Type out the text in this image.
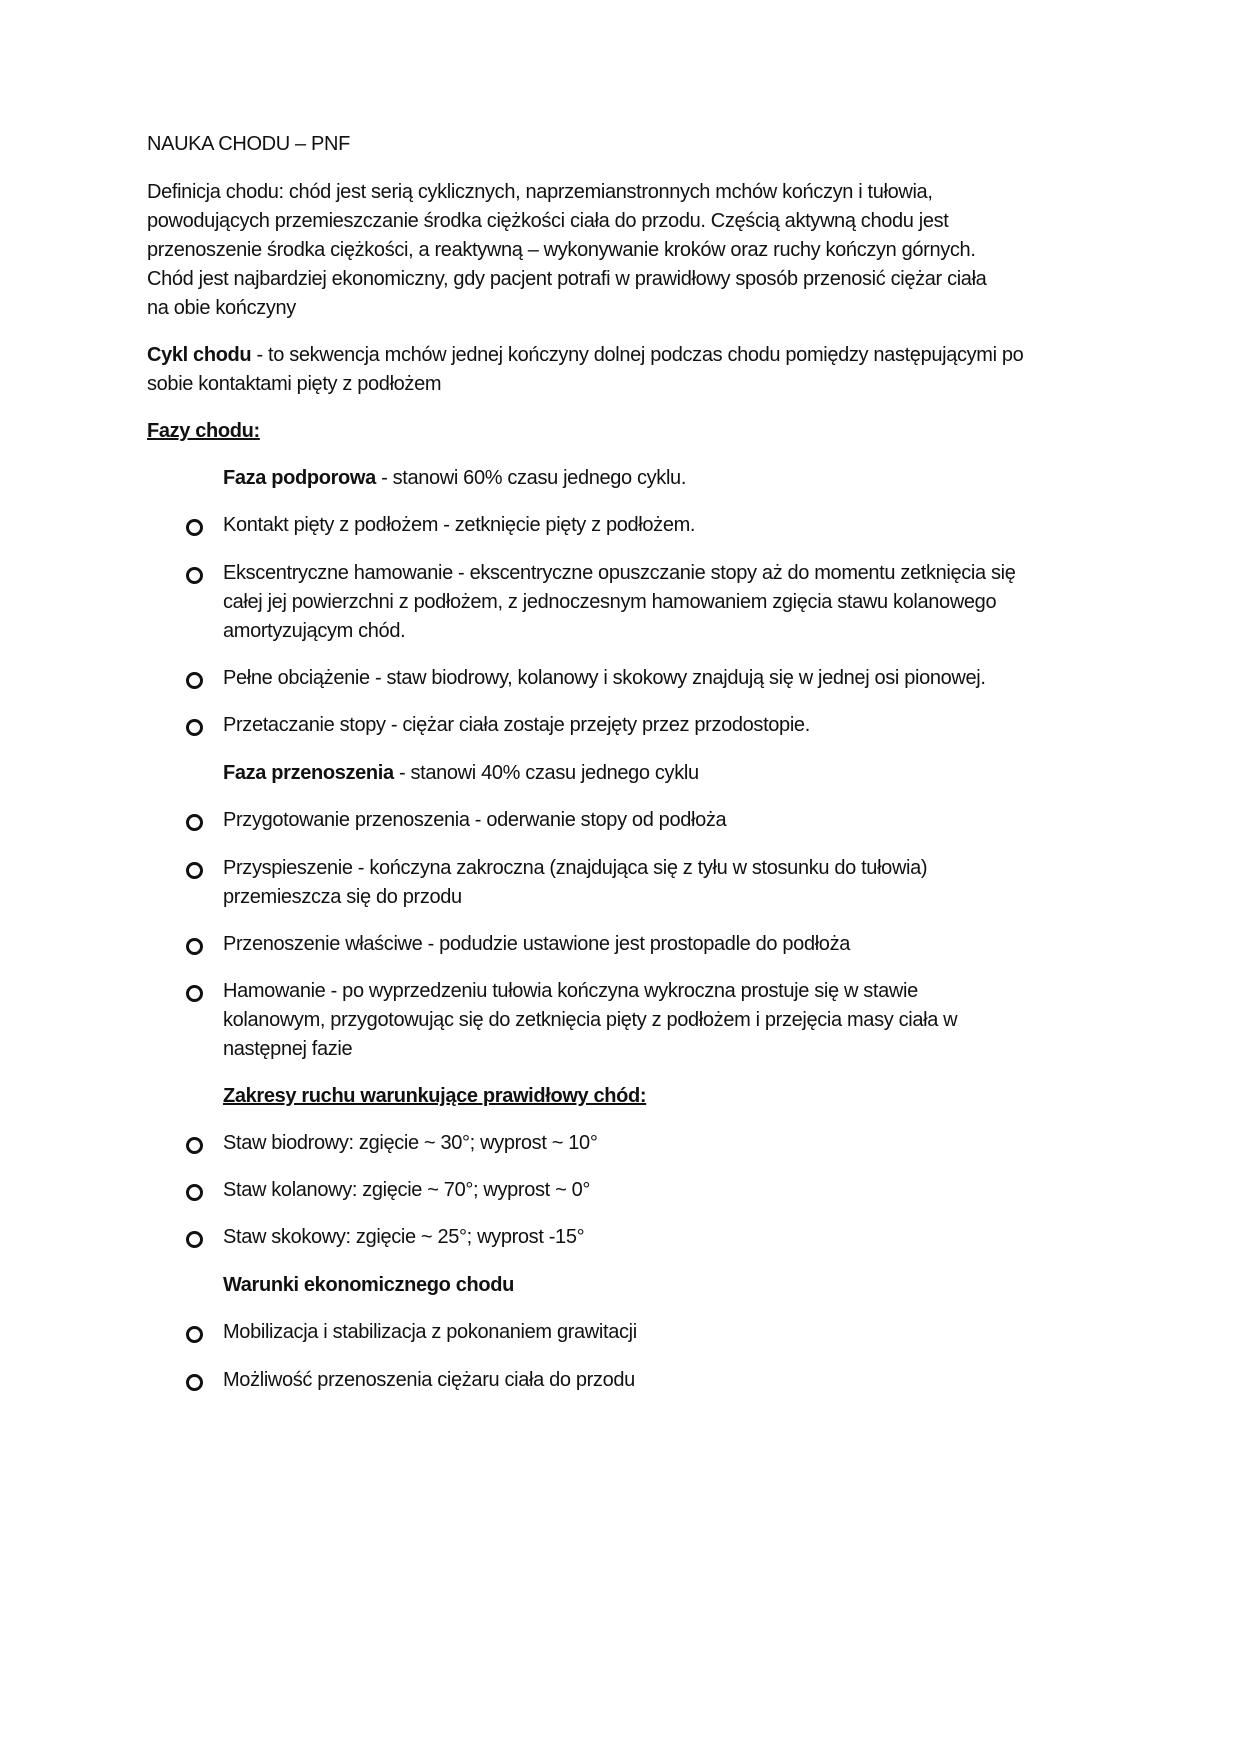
NAUKA CHODU – PNF
Definicja chodu: chód jest serią cyklicznych, naprzemianstronnych mchów kończyn i tułowia,
powodujących przemieszczanie środka ciężkości ciała do przodu. Częścią aktywną chodu jest
przenoszenie środka ciężkości, a reaktywną – wykonywanie kroków oraz ruchy kończyn górnych.
Chód jest najbardziej ekonomiczny, gdy pacjent potrafi w prawidłowy sposób przenosić ciężar ciała
na obie kończyny
Cykl chodu - to sekwencja mchów jednej kończyny dolnej podczas chodu pomiędzy następującymi po
sobie kontaktami pięty z podłożem
Fazy chodu:
Faza podporowa - stanowi 60% czasu jednego cyklu.
Kontakt pięty z podłożem - zetknięcie pięty z podłożem.
Ekscentryczne hamowanie - ekscentryczne opuszczanie stopy aż do momentu zetknięcia się
całej jej powierzchni z podłożem, z jednoczesnym hamowaniem zgięcia stawu kolanowego
amortyzującym chód.
Pełne obciążenie - staw biodrowy, kolanowy i skokowy znajdują się w jednej osi pionowej.
Przetaczanie stopy - ciężar ciała zostaje przejęty przez przodostopie.
Faza przenoszenia - stanowi 40% czasu jednego cyklu
Przygotowanie przenoszenia - oderwanie stopy od podłoża
Przyspieszenie - kończyna zakroczna (znajdująca się z tyłu w stosunku do tułowia)
przemieszcza się do przodu
Przenoszenie właściwe - podudzie ustawione jest prostopadle do podłoża
Hamowanie - po wyprzedzeniu tułowia kończyna wykroczna prostuje się w stawie
kolanowym, przygotowując się do zetknięcia pięty z podłożem i przejęcia masy ciała w
następnej fazie
Zakresy ruchu warunkujące prawidłowy chód:
Staw biodrowy: zgięcie ~ 30°; wyprost ~ 10°
Staw kolanowy: zgięcie ~ 70°; wyprost ~ 0°
Staw skokowy: zgięcie ~ 25°; wyprost -15°
Warunki ekonomicznego chodu
Mobilizacja i stabilizacja z pokonaniem grawitacji
Możliwość przenoszenia ciężaru ciała do przodu
